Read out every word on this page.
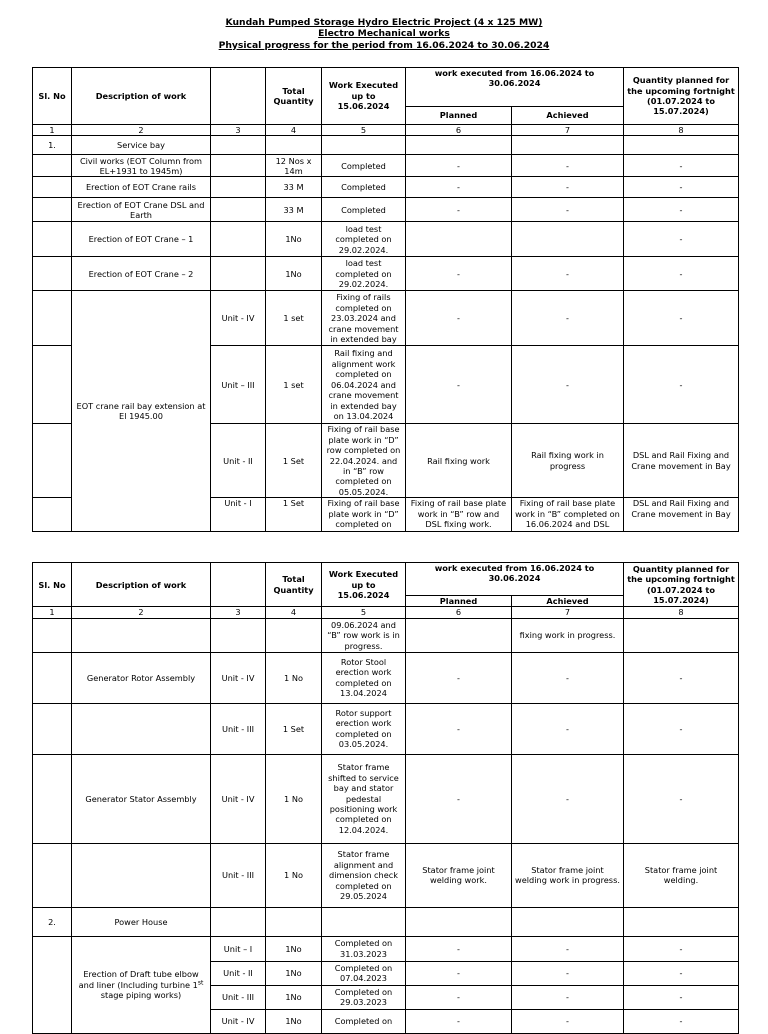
Kundah Pumped Storage Hydro Electric Project (4 x 125 MW)
Electro Mechanical works
Physical progress for the period from 16.06.2024 to 30.06.2024
Sl. No	Description of work		Total Quantity	Work Executed up to 15.06.2024	work executed from 16.06.2024 to 30.06.2024		Quantity planned for the upcoming fortnight (01.07.2024 to 15.07.2024)
					Planned	Achieved	
1	2	3	4	5	6	7	8
1.	Service bay						
	Civil works (EOT Column from EL+1931 to 1945m)		12 Nos x 14m	Completed	-	-	-
	Erection of EOT Crane rails		33 M	Completed	-	-	-
	Erection of EOT Crane DSL and Earth		33 M	Completed	-	-	-
	Erection of EOT Crane – 1		1No	load test completed on 29.02.2024.			-
	Erection of EOT Crane – 2		1No	load test completed on 29.02.2024.	-	-	-
	EOT crane rail bay extension at El 1945.00	Unit - IV	1 set	Fixing of rails completed on 23.03.2024 and crane movement in extended bay	-	-	-
		Unit – III	1 set	Rail fixing and alignment work completed on 06.04.2024 and crane movement in extended bay on 13.04.2024	-	-	-
		Unit - II	1 Set	Fixing of rail base plate work in “D” row completed on 22.04.2024. and in “B” row completed on 05.05.2024.	Rail fixing work	Rail fixing work in progress	DSL and Rail Fixing and Crane movement in Bay
		Unit - I	1 Set	Fixing of rail base plate work in “D” completed on	Fixing of rail base plate work in “B” row and DSL fixing work.	Fixing of rail base plate work in “B” completed on 16.06.2024 and DSL	DSL and Rail Fixing and Crane movement in Bay
Sl. No	Description of work		Total Quantity	Work Executed up to 15.06.2024	work executed from 16.06.2024 to 30.06.2024		Quantity planned for the upcoming fortnight (01.07.2024 to 15.07.2024)
					Planned	Achieved	
1	2	3	4	5	6	7	8
				09.06.2024 and “B” row work is in progress.		fixing work in progress.	
	Generator Rotor Assembly	Unit - IV	1 No	Rotor Stool erection work completed on 13.04.2024	-	-	-
		Unit - III	1 Set	Rotor support erection work completed on 03.05.2024.	-	-	-
	Generator Stator Assembly	Unit - IV	1 No	Stator frame shifted to service bay and stator pedestal positioning work completed on 12.04.2024.	-	-	-
		Unit - III	1 No	Stator frame alignment and dimension check completed on 29.05.2024	Stator frame joint welding work.	Stator frame joint welding work in progress.	Stator frame joint welding.
2.	Power House						
	Erection of Draft tube elbow and liner (Including turbine 1st stage piping works)	Unit – I	1No	Completed on 31.03.2023	-	-	-
		Unit - II	1No	Completed on 07.04.2023	-	-	-
		Unit - III	1No	Completed on 29.03.2023	-	-	-
		Unit - IV	1No	Completed on	-	-	-
